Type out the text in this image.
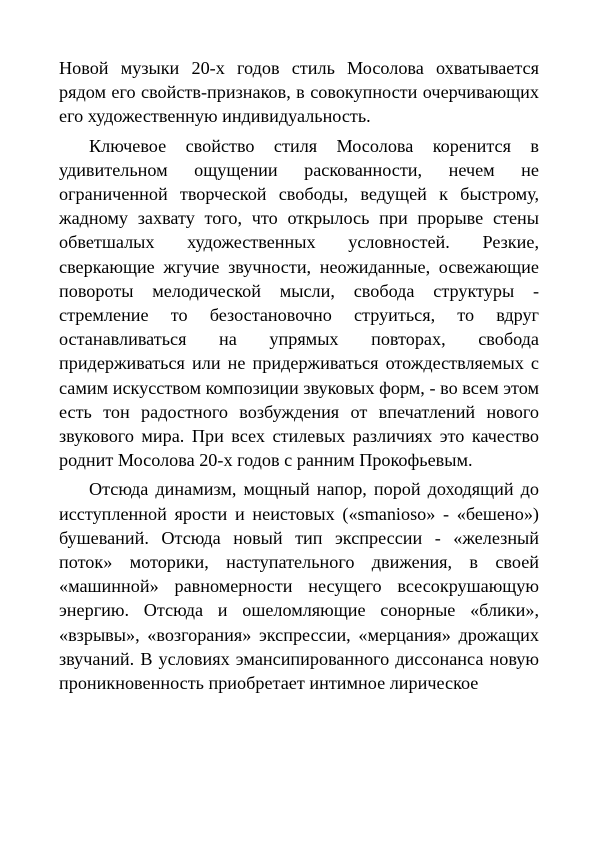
Новой музыки 20-х годов стиль Мосолова охватывается рядом его свойств-признаков, в совокупности очерчивающих его художественную индивидуальность.

Ключевое свойство стиля Мосолова коренится в удивительном ощущении раскованности, нечем не ограниченной творческой свободы, ведущей к быстрому, жадному захвату того, что открылось при прорыве стены обветшалых художественных условностей. Резкие, сверкающие жгучие звучности, неожиданные, освежающие повороты мелодической мысли, свобода структуры - стремление то безостановочно струиться, то вдруг останавливаться на упрямых повторах, свобода придерживаться или не придерживаться отождествляемых с самим искусством композиции звуковых форм, - во всем этом есть тон радостного возбуждения от впечатлений нового звукового мира. При всех стилевых различиях это качество роднит Мосолова 20-х годов с ранним Прокофьевым.

Отсюда динамизм, мощный напор, порой доходящий до исступленной ярости и неистовых («smanioso» - «бешено») бушеваний. Отсюда новый тип экспрессии - «железный поток» моторики, наступательного движения, в своей «машинной» равномерности несущего всесокрушающую энергию. Отсюда и ошеломляющие сонорные «блики», «взрывы», «возгорания» экспрессии, «мерцания» дрожащих звучаний. В условиях эмансипированного диссонанса новую проникновенность приобретает интимное лирическое
